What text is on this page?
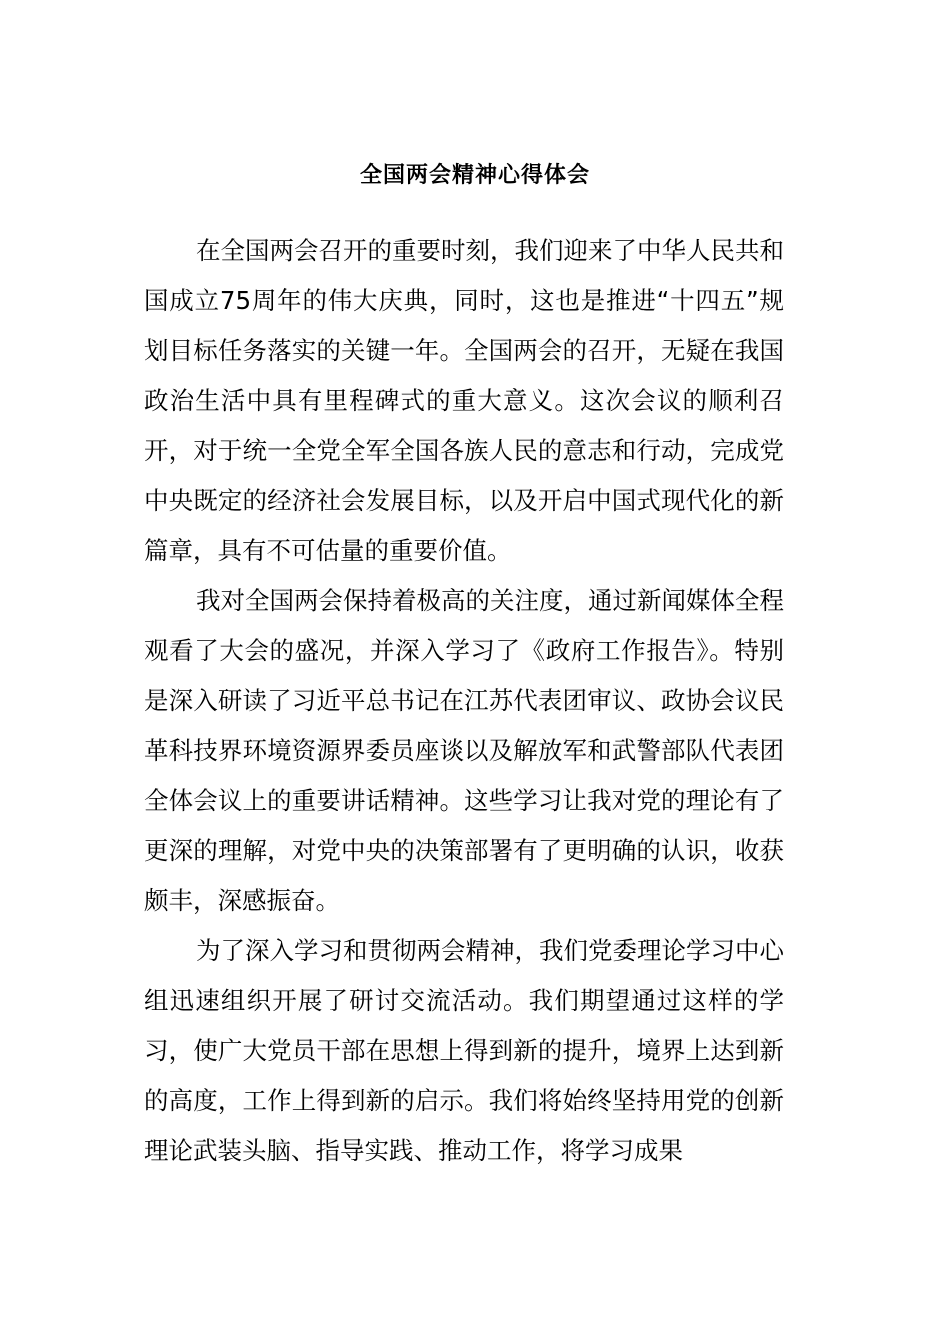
全国两会精神心得体会

在全国两会召开的重要时刻，我们迎来了中华人民共和国成立75周年的伟大庆典，同时，这也是推进“十四五”规划目标任务落实的关键一年。全国两会的召开，无疑在我国政治生活中具有里程碑式的重大意义。这次会议的顺利召开，对于统一全党全军全国各族人民的意志和行动，完成党中央既定的经济社会发展目标，以及开启中国式现代化的新篇章，具有不可估量的重要价值。

我对全国两会保持着极高的关注度，通过新闻媒体全程观看了大会的盛况，并深入学习了《政府工作报告》。特别是深入研读了习近平总书记在江苏代表团审议、政协会议民革科技界环境资源界委员座谈以及解放军和武警部队代表团全体会议上的重要讲话精神。这些学习让我对党的理论有了更深的理解，对党中央的决策部署有了更明确的认识，收获颇丰，深感振奋。

为了深入学习和贯彻两会精神，我们党委理论学习中心组迅速组织开展了研讨交流活动。我们期望通过这样的学习，使广大党员干部在思想上得到新的提升，境界上达到新的高度，工作上得到新的启示。我们将始终坚持用党的创新理论武装头脑、指导实践、推动工作，将学习成果
